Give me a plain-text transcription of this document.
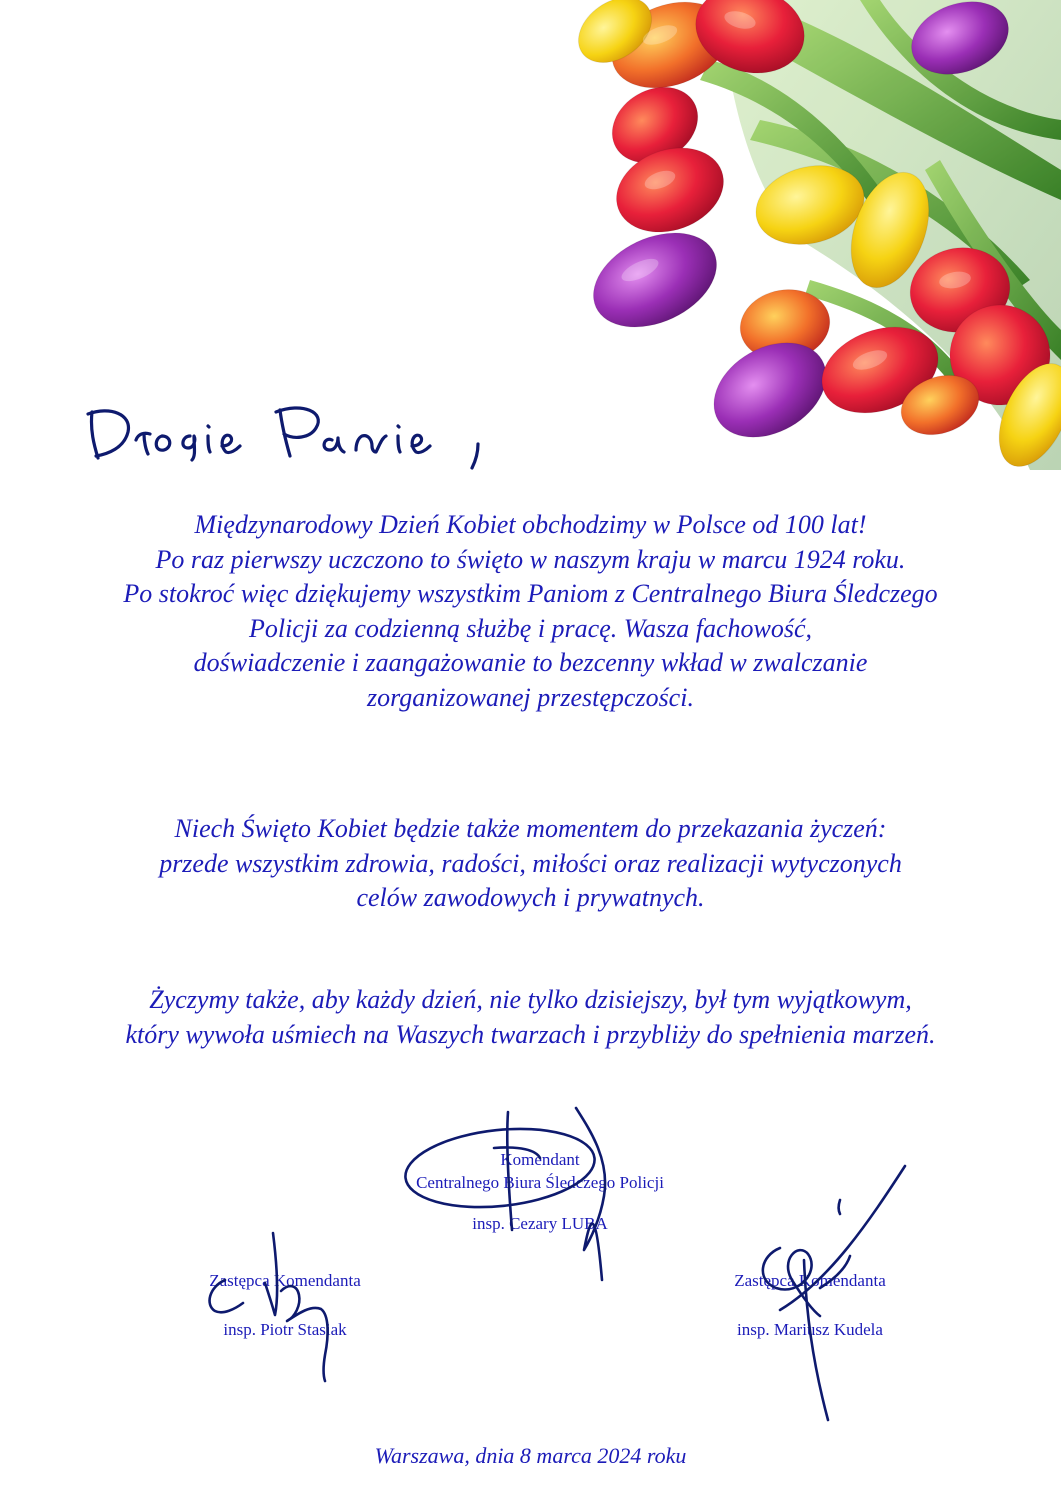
Międzynarodowy Dzień Kobiet obchodzimy w Polsce od 100 lat!
Po raz pierwszy uczczono to święto w naszym kraju w marcu 1924 roku.
Po stokroć więc dziękujemy wszystkim Paniom z Centralnego Biura Śledczego
Policji za codzienną służbę i pracę. Wasza fachowość,
doświadczenie i zaangażowanie to bezcenny wkład w zwalczanie
zorganizowanej przestępczości.
Niech Święto Kobiet będzie także momentem do przekazania życzeń:
przede wszystkim zdrowia, radości, miłości oraz realizacji wytyczonych
celów zawodowych i prywatnych.
Życzymy także, aby każdy dzień, nie tylko dzisiejszy, był tym wyjątkowym,
który wywoła uśmiech na Waszych twarzach i przybliży do spełnienia marzeń.
Komendant
Centralnego Biura Śledczego Policji
insp. Cezary LUBA
Zastępca Komendanta
insp. Piotr Stasiak
Zastępca Komendanta
insp. Mariusz Kudela
Warszawa, dnia 8 marca 2024 roku
